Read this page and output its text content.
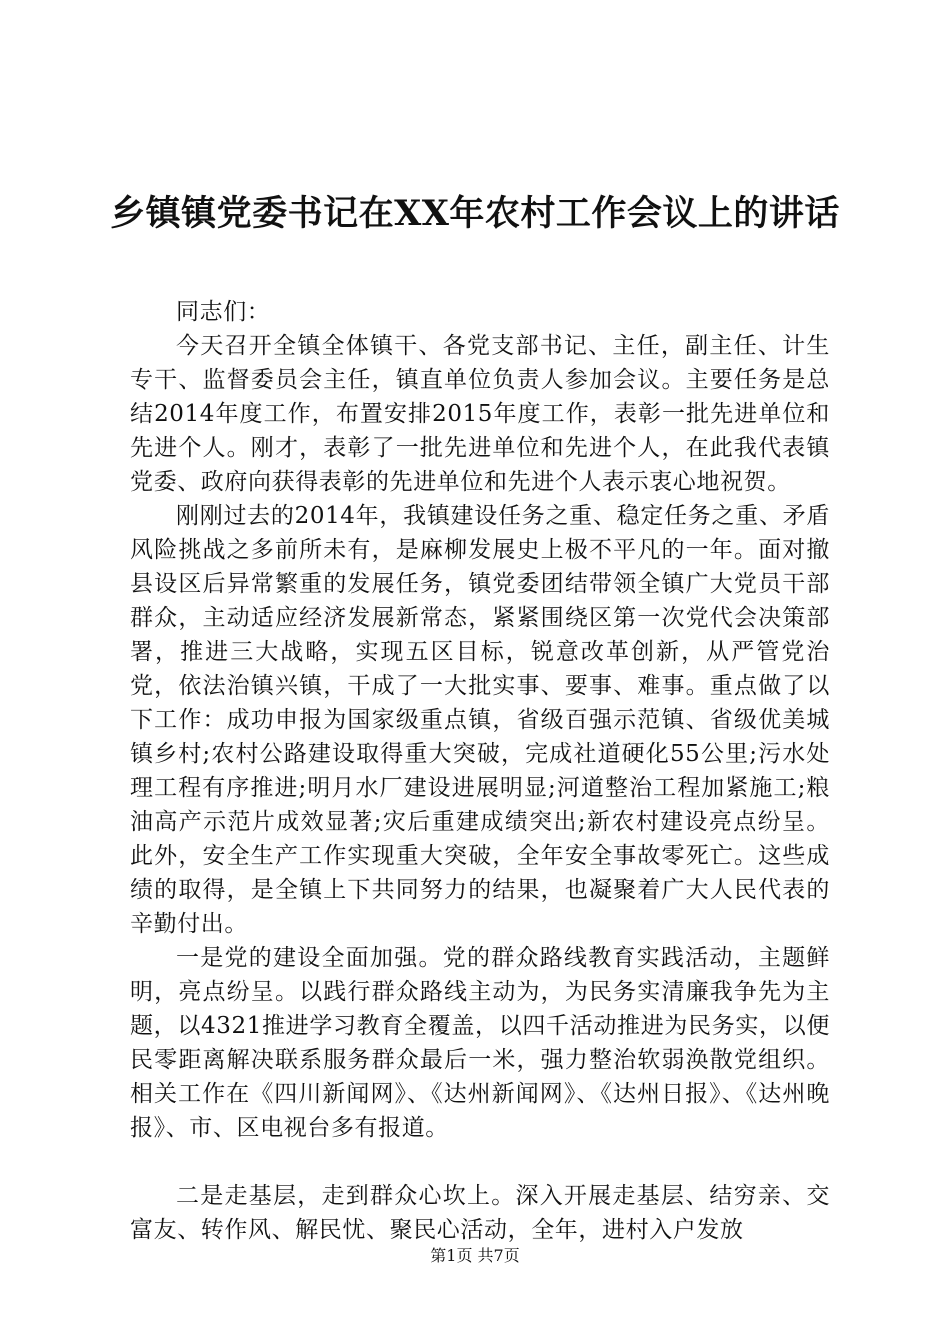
乡镇镇党委书记在XX年农村工作会议上的讲话

同志们：

今天召开全镇全体镇干、各党支部书记、主任，副主任、计生专干、监督委员会主任，镇直单位负责人参加会议。主要任务是总结2014年度工作，布置安排2015年度工作，表彰一批先进单位和先进个人。刚才，表彰了一批先进单位和先进个人，在此我代表镇党委、政府向获得表彰的先进单位和先进个人表示衷心地祝贺。

刚刚过去的2014年，我镇建设任务之重、稳定任务之重、矛盾风险挑战之多前所未有，是麻柳发展史上极不平凡的一年。面对撤县设区后异常繁重的发展任务，镇党委团结带领全镇广大党员干部群众，主动适应经济发展新常态，紧紧围绕区第一次党代会决策部署，推进三大战略，实现五区目标，锐意改革创新，从严管党治党，依法治镇兴镇，干成了一大批实事、要事、难事。重点做了以下工作：成功申报为国家级重点镇，省级百强示范镇、省级优美城镇乡村;农村公路建设取得重大突破，完成社道硬化55公里;污水处理工程有序推进;明月水厂建设进展明显;河道整治工程加紧施工;粮油高产示范片成效显著;灾后重建成绩突出;新农村建设亮点纷呈。此外，安全生产工作实现重大突破，全年安全事故零死亡。这些成绩的取得，是全镇上下共同努力的结果，也凝聚着广大人民代表的辛勤付出。

一是党的建设全面加强。党的群众路线教育实践活动，主题鲜明，亮点纷呈。以践行群众路线主动为，为民务实清廉我争先为主题，以4321推进学习教育全覆盖，以四千活动推进为民务实，以便民零距离解决联系服务群众最后一米，强力整治软弱涣散党组织。相关工作在《四川新闻网》、《达州新闻网》、《达州日报》、《达州晚报》、市、区电视台多有报道。

二是走基层，走到群众心坎上。深入开展走基层、结穷亲、交富友、转作风、解民忧、聚民心活动，全年，进村入户发放

第1页 共7页
